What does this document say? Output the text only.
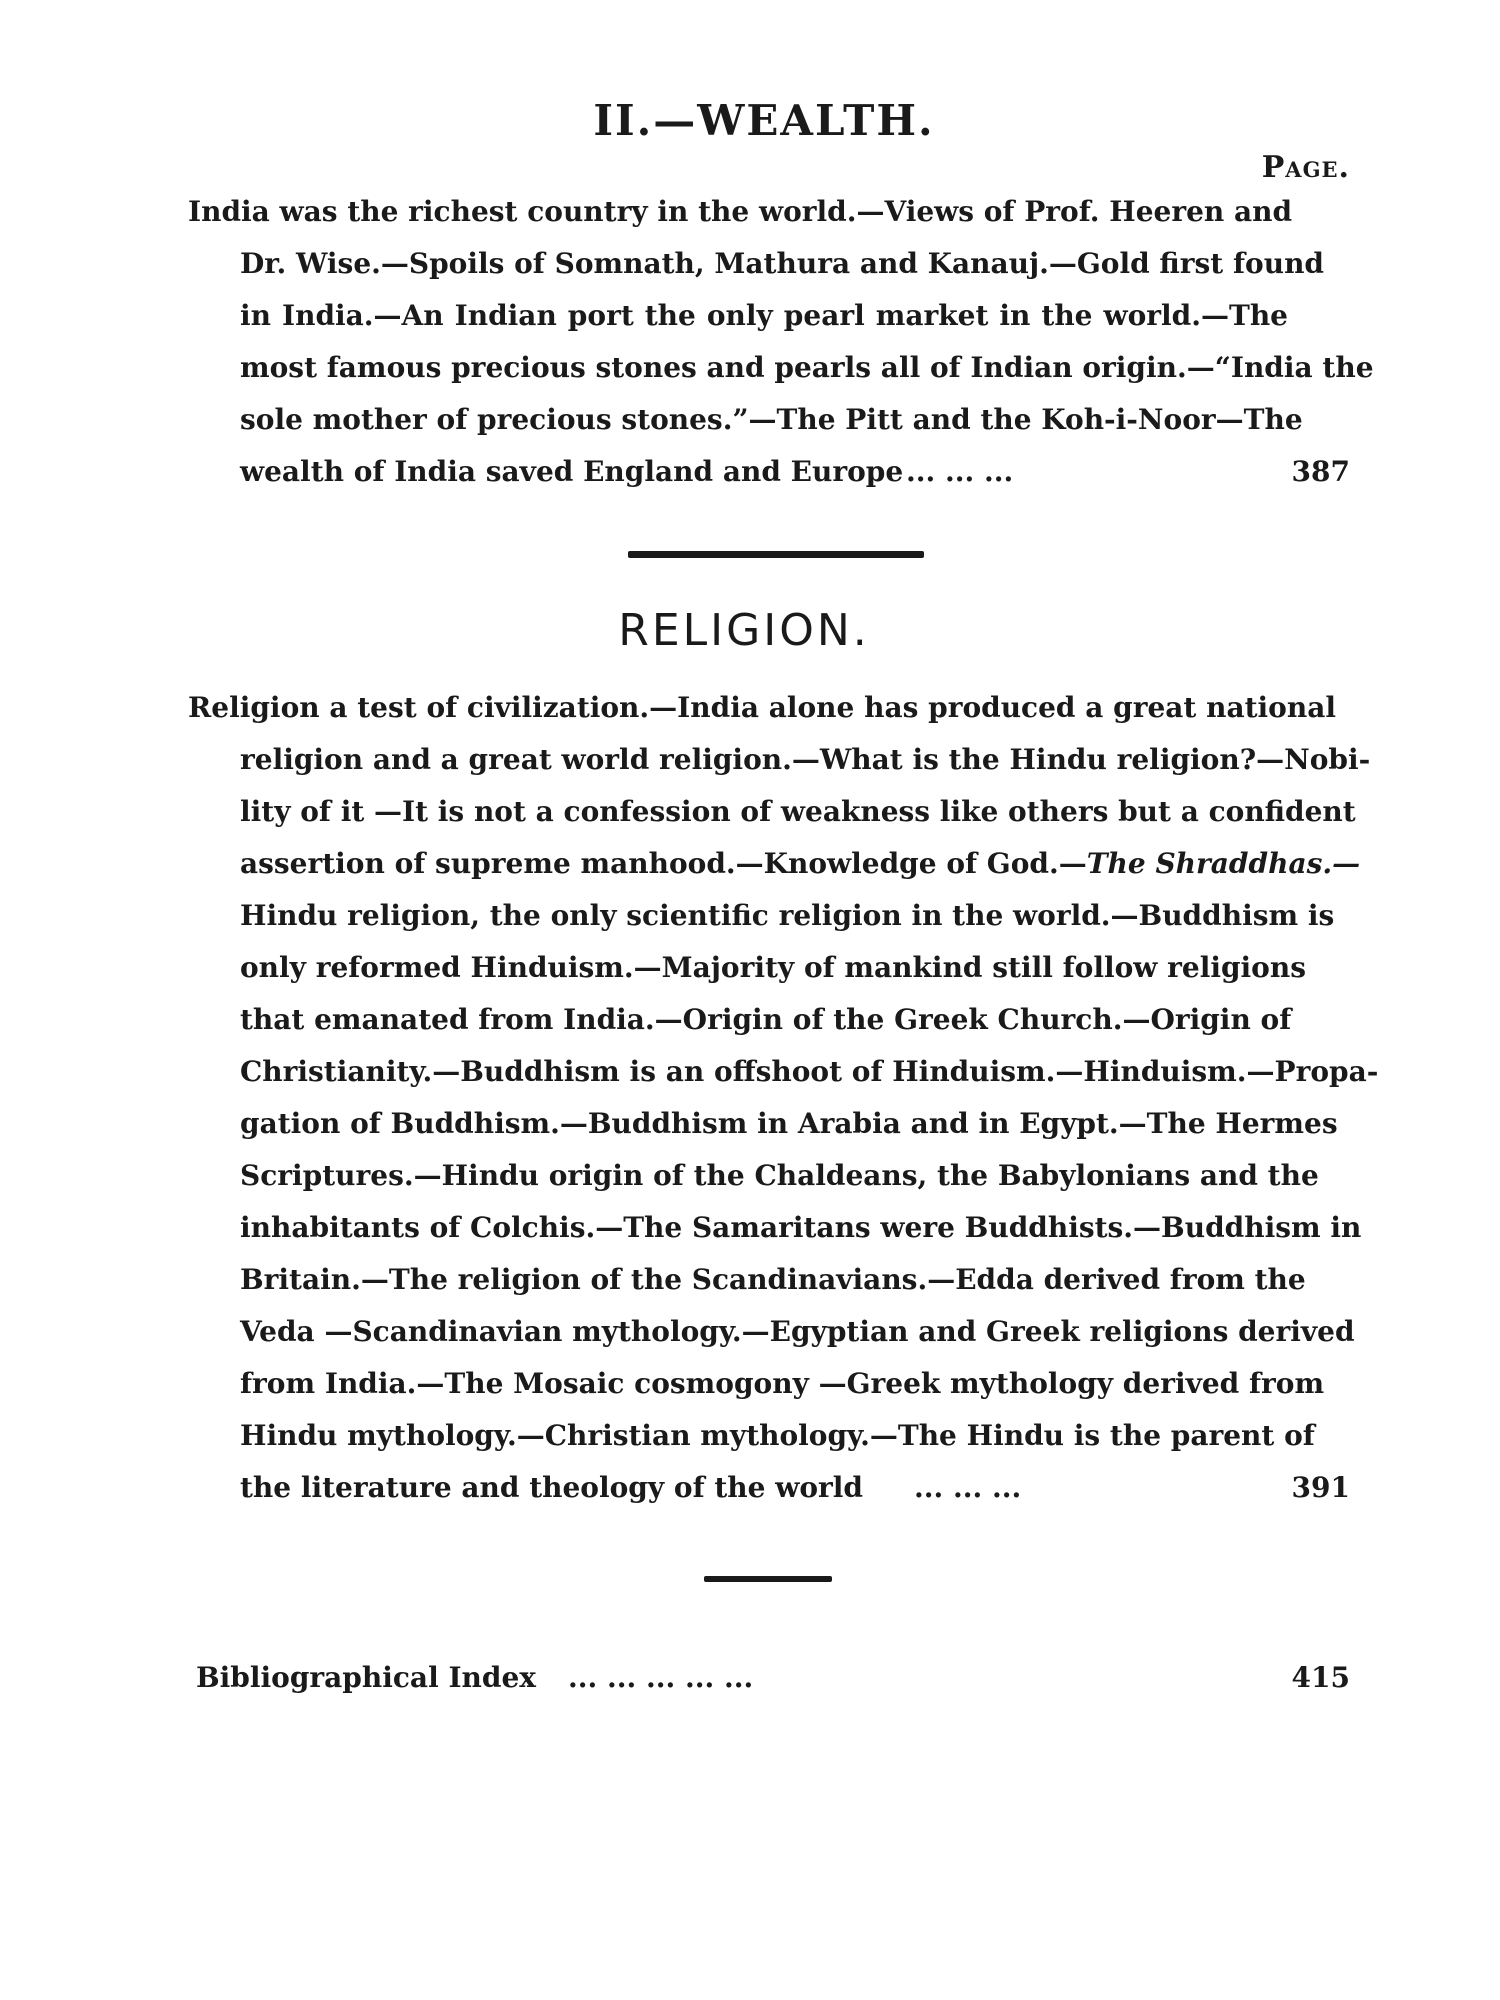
II.—WEALTH.
Page.
India was the richest country in the world.—Views of Prof. Heeren and
Dr. Wise.—Spoils of Somnath, Mathura and Kanauj.—Gold first found
in India.—An Indian port the only pearl market in the world.—The
most famous precious stones and pearls all of Indian origin.—“India the
sole mother of precious stones.”—The Pitt and the Koh-i-Noor—The
wealth of India saved England and Europe ... ... ...	387
RELIGION.
Religion a test of civilization.—India alone has produced a great national
religion and a great world religion.—What is the Hindu religion?—Nobi-
lity of it —It is not a confession of weakness like others but a confident
assertion of supreme manhood.—Knowledge of God.—The Shraddhas.—
Hindu religion, the only scientific religion in the world.—Buddhism is
only reformed Hinduism.—Majority of mankind still follow religions
that emanated from India.—Origin of the Greek Church.—Origin of
Christianity.—Buddhism is an offshoot of Hinduism.—Hinduism.—Propa-
gation of Buddhism.—Buddhism in Arabia and in Egypt.—The Hermes
Scriptures.—Hindu origin of the Chaldeans, the Babylonians and the
inhabitants of Colchis.—The Samaritans were Buddhists.—Buddhism in
Britain.—The religion of the Scandinavians.—Edda derived from the
Veda —Scandinavian mythology.—Egyptian and Greek religions derived
from India.—The Mosaic cosmogony —Greek mythology derived from
Hindu mythology.—Christian mythology.—The Hindu is the parent of
the literature and theology of the world	... ... ...	391
Bibliographical Index ... ... ... ... ...	415
